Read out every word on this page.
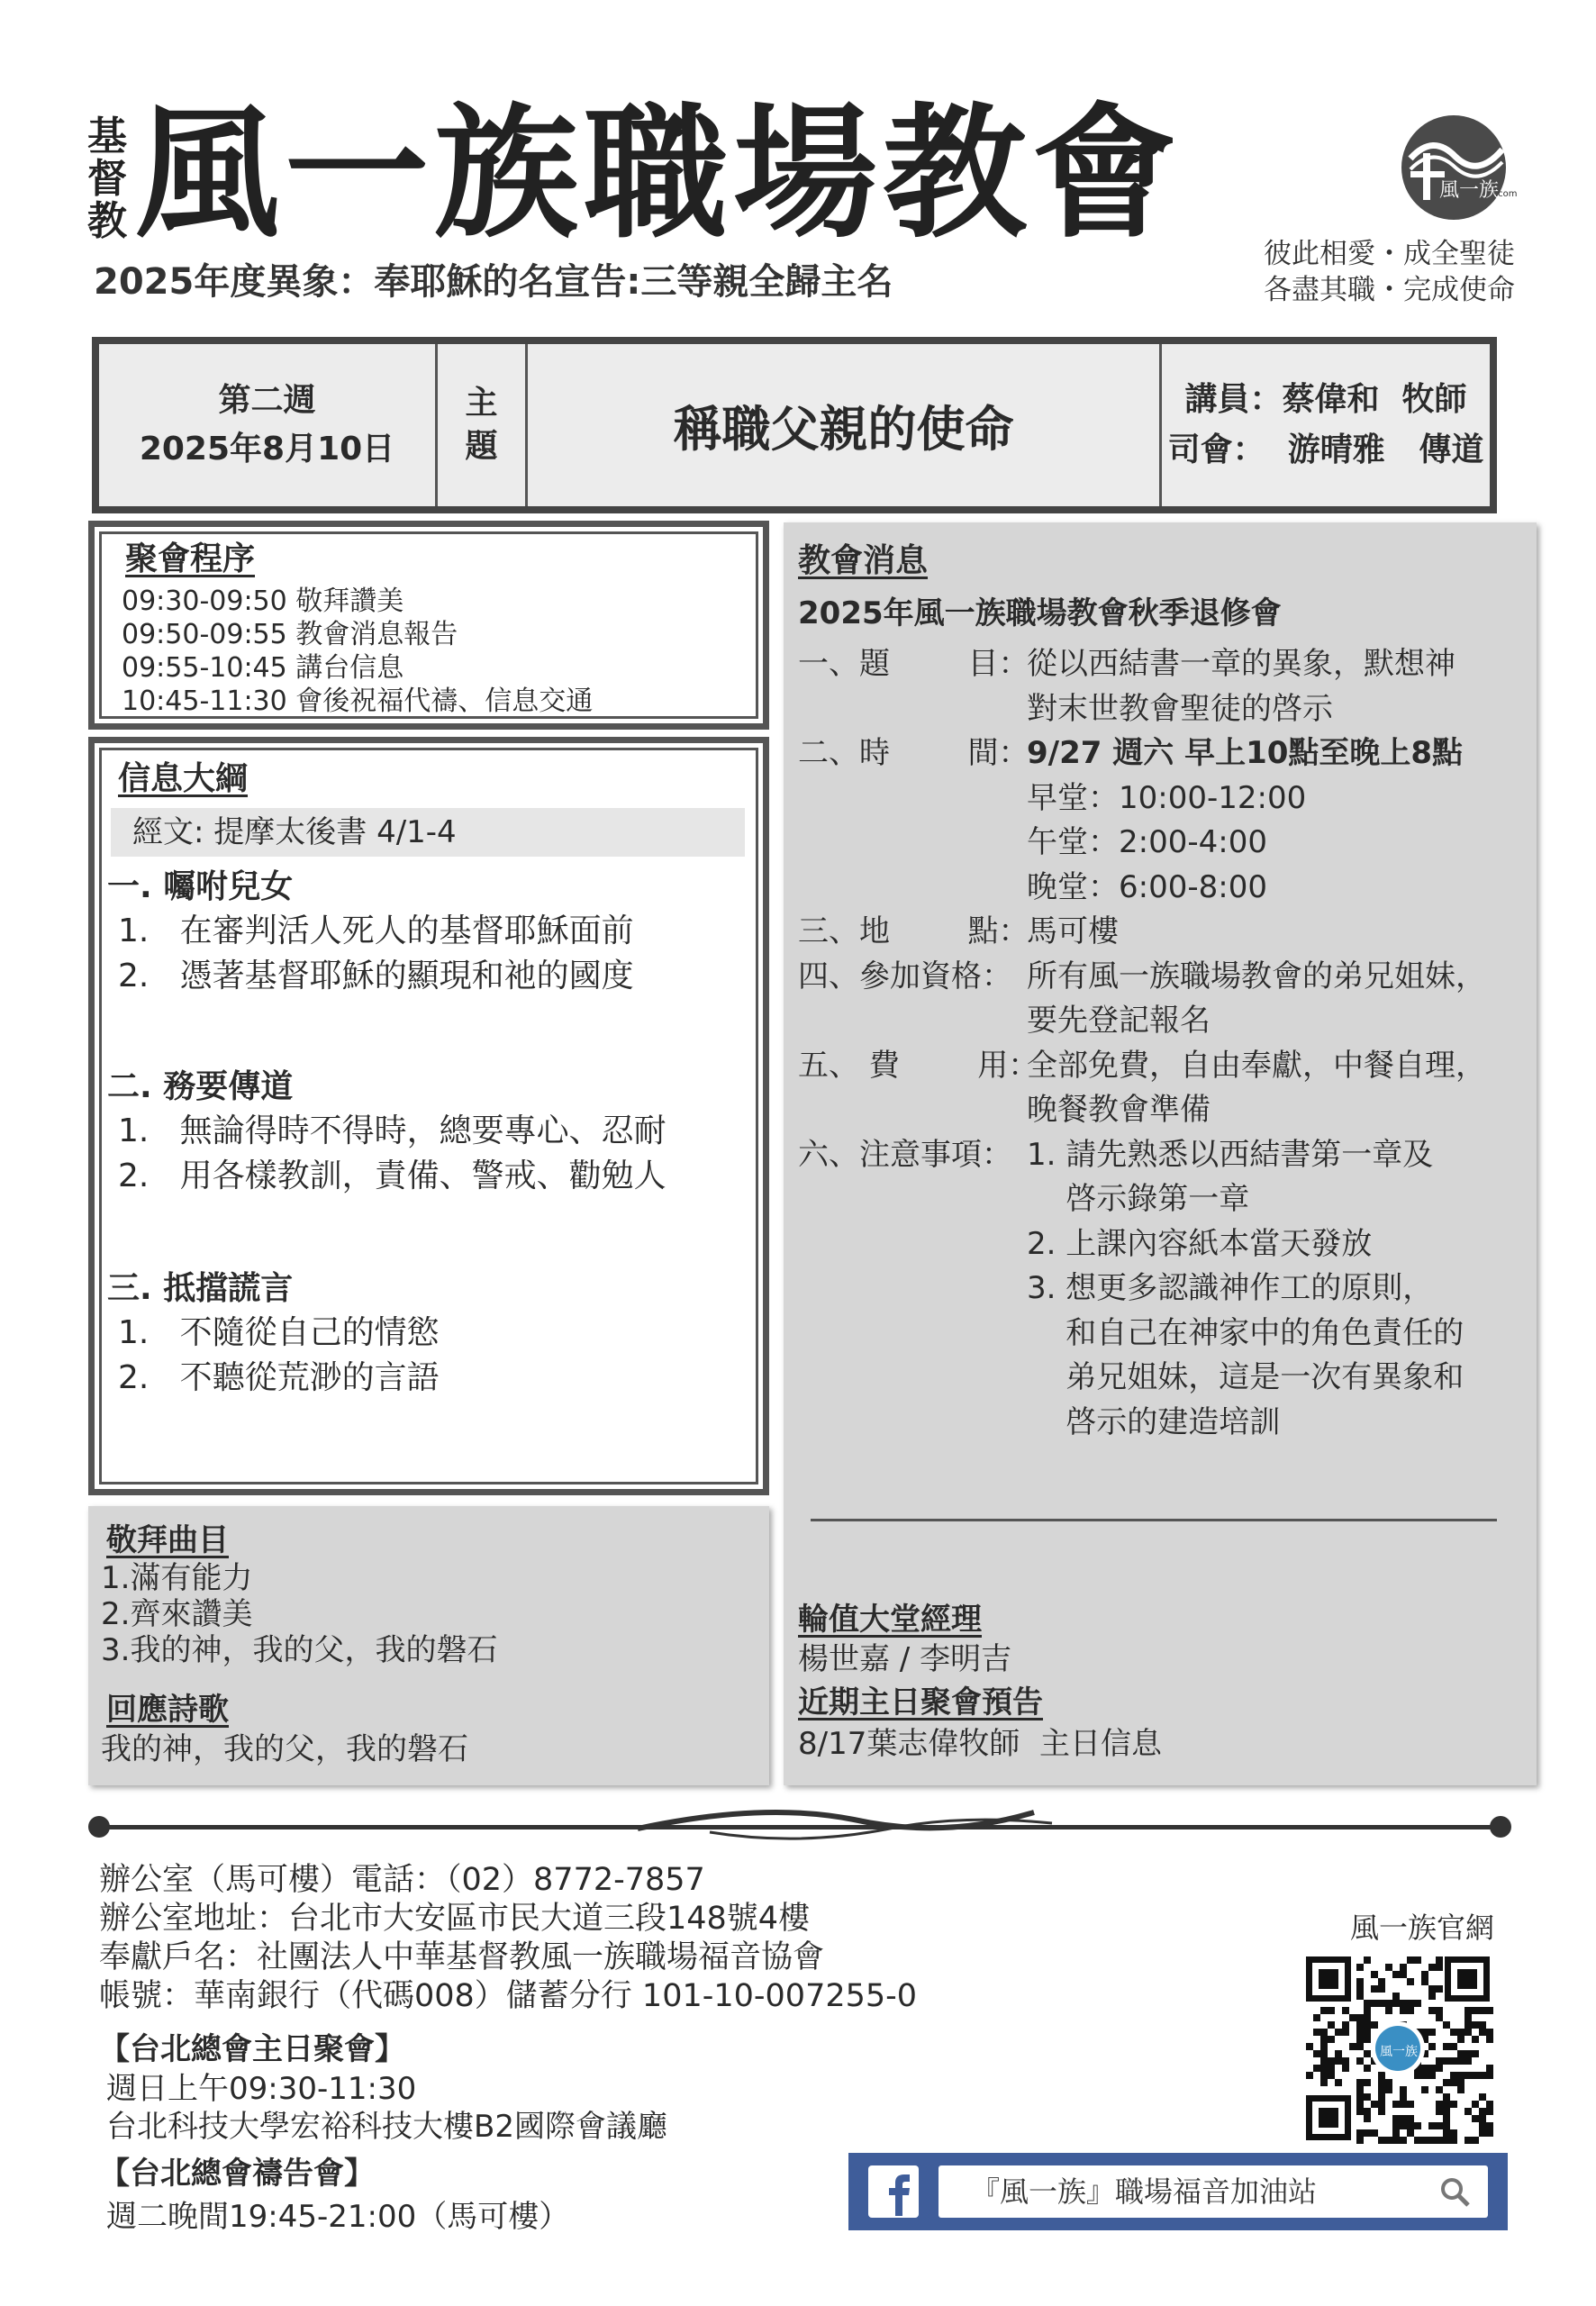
基督教 風一族職場教會
2025年度異象：奉耶穌的名宣告:三等親全歸主名
風一族
.com
彼此相愛・成全聖徒
各盡其職・完成使命
第二週
2025年8月10日
主
題	稱職父親的使命
講員：蔡偉和  牧師
司會：  游晴雅   傳道
聚會程序
09:30-09:50 敬拜讚美
09:50-09:55 教會消息報告
09:55-10:45 講台信息
10:45-11:30 會後祝福代禱、信息交通
信息大綱
經文: 提摩太後書 4/1-4
一. 囑咐兒女
1.   在審判活人死人的基督耶穌面前
2.   憑著基督耶穌的顯現和祂的國度
二. 務要傳道
1.   無論得時不得時，總要專心、忍耐
2.   用各樣教訓，責備、警戒、勸勉人
三. 抵擋謊言
1.   不隨從自己的情慾
2.   不聽從荒渺的言語
教會消息
2025年風一族職場教會秋季退修會
一、題        目：
從以西結書一章的異象，默想神
對末世教會聖徒的啓示
二、時        間：
9/27 週六 早上10點至晚上8點
早堂：10:00-12:00
午堂：2:00-4:00
晚堂：6:00-8:00
三、地        點：
馬可樓
四、參加資格： 所有風一族職場教會的弟兄姐妹，
要先登記報名
五、 費        用：
全部免費，自由奉獻，中餐自理，
晚餐教會準備
六、注意事項： 1. 請先熟悉以西結書第一章及
啓示錄第一章
2. 上課內容紙本當天發放
3. 想更多認識神作工的原則，
和自己在神家中的角色責任的
弟兄姐妹，這是一次有異象和
啓示的建造培訓
輪值大堂經理
楊世嘉 / 李明吉
近期主日聚會預告
8/17葉志偉牧師  主日信息
敬拜曲目
1.滿有能力
2.齊來讚美
3.我的神，我的父，我的磐石
回應詩歌
我的神，我的父，我的磐石
辦公室（馬可樓）電話：（02）8772-7857
辦公室地址：台北市大安區市民大道三段148號4樓
奉獻戶名：社團法人中華基督教風一族職場福音協會
帳號：華南銀行（代碼008）儲蓄分行 101-10-007255-0
【台北總會主日聚會】
週日上午09:30-11:30
台北科技大學宏裕科技大樓B2國際會議廳
【台北總會禱告會】
週二晚間19:45-21:00（馬可樓）
風一族官網
風一族
『風一族』職場福音加油站
